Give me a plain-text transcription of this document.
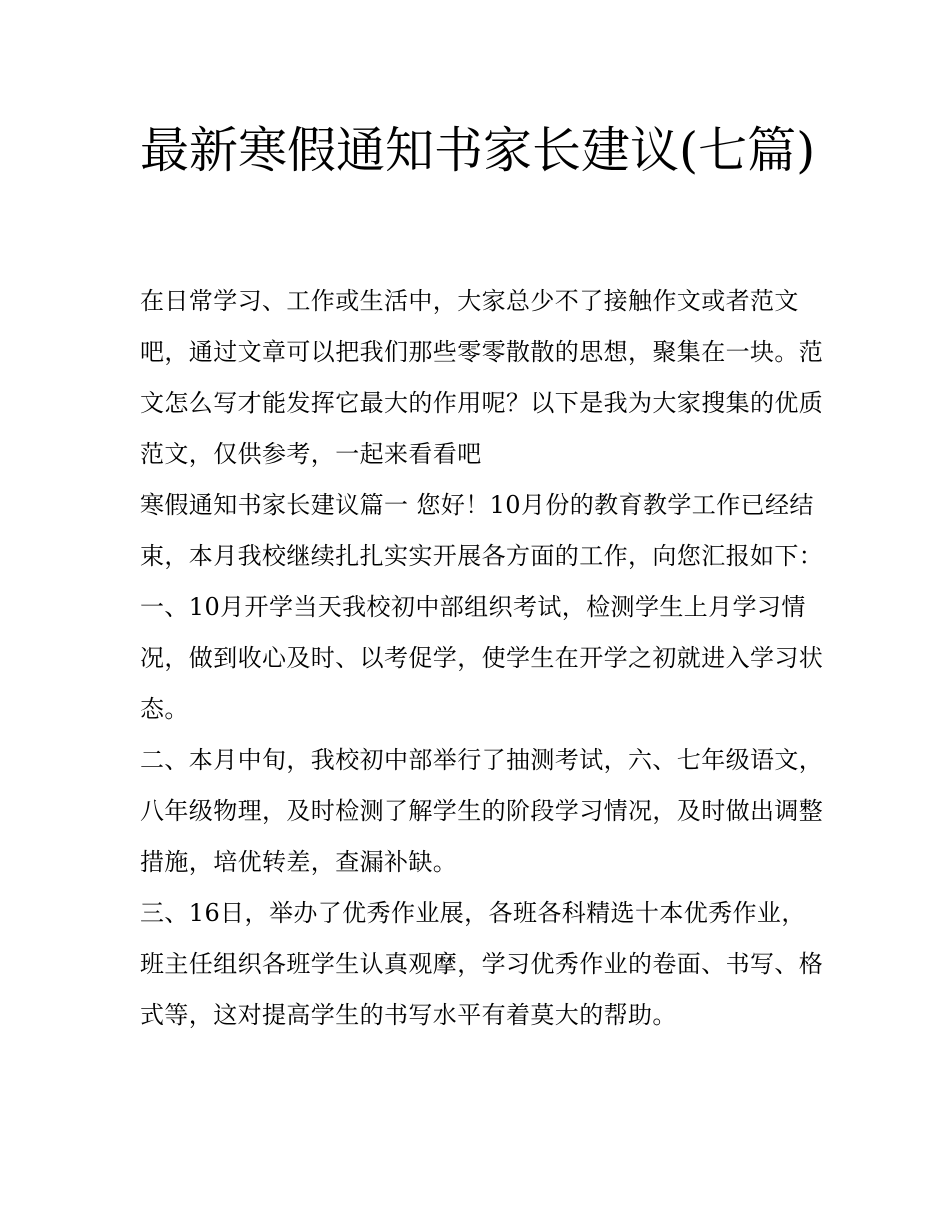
最新寒假通知书家长建议(七篇)

在日常学习、工作或生活中，大家总少不了接触作文或者范文吧，通过文章可以把我们那些零零散散的思想，聚集在一块。范文怎么写才能发挥它最大的作用呢？以下是我为大家搜集的优质范文，仅供参考，一起来看看吧

寒假通知书家长建议篇一 您好！10月份的教育教学工作已经结束，本月我校继续扎扎实实开展各方面的工作，向您汇报如下：

一、10月开学当天我校初中部组织考试，检测学生上月学习情况，做到收心及时、以考促学，使学生在开学之初就进入学习状态。

二、本月中旬，我校初中部举行了抽测考试，六、七年级语文，八年级物理，及时检测了解学生的阶段学习情况，及时做出调整措施，培优转差，查漏补缺。

三、16日，举办了优秀作业展，各班各科精选十本优秀作业，班主任组织各班学生认真观摩，学习优秀作业的卷面、书写、格式等，这对提高学生的书写水平有着莫大的帮助。
